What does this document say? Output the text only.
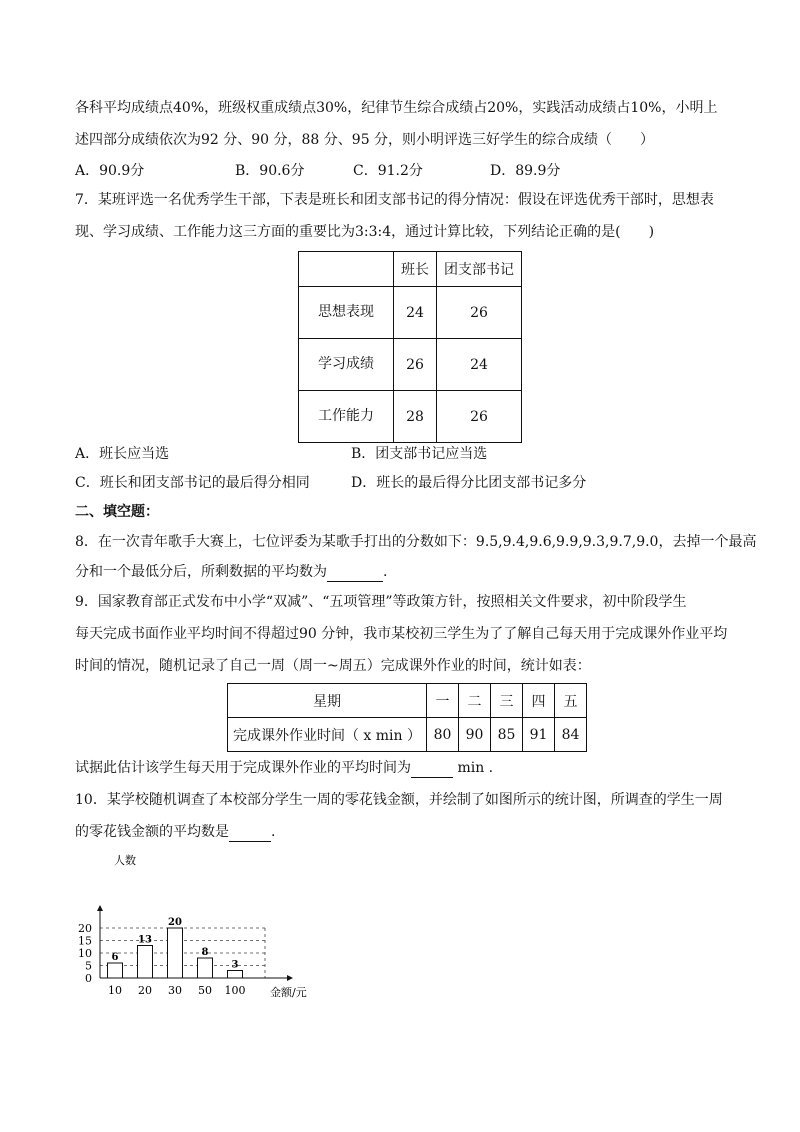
各科平均成绩点40%，班级权重成绩点30%，纪律节生综合成绩占20%，实践活动成绩占10%，小明上
述四部分成绩依次为92 分、90 分，88 分、95 分，则小明评选三好学生的综合成绩（　　）
A．90.9分	B．90.6分	C．91.2分	D．89.9分
7．某班评选一名优秀学生干部，下表是班长和团支部书记的得分情况：假设在评选优秀干部时，思想表
现、学习成绩、工作能力这三方面的重要比为3:3:4，通过计算比较，下列结论正确的是(　　)
	班长	团支部书记
思想表现	24	26
学习成绩	26	24
工作能力	28	26
A．班长应当选	B．团支部书记应当选
C．班长和团支部书记的最后得分相同	D．班长的最后得分比团支部书记多分
二、填空题：
8．在一次青年歌手大赛上，七位评委为某歌手打出的分数如下：9.5,9.4,9.6,9.9,9.3,9.7,9.0，去掉一个最高
分和一个最低分后，所剩数据的平均数为	.
9．国家教育部正式发布中小学“双减”、“五项管理”等政策方针，按照相关文件要求，初中阶段学生
每天完成书面作业平均时间不得超过90 分钟，我市某校初三学生为了了解自己每天用于完成课外作业平均
时间的情况，随机记录了自己一周（周一~周五）完成课外作业的时间，统计如表：
星期	一	二	三	四	五
完成课外作业时间（ x min ）	80	90	85	91	84
试据此估计该学生每天用于完成课外作业的平均时间为	min .
10．某学校随机调查了本校部分学生一周的零花钱金额，并绘制了如图所示的统计图，所调查的学生一周
的零花钱金额的平均数是	.
0
5
10
15
20
10 20 30 50 100
6
13
20
8
3
人数
金额/元
